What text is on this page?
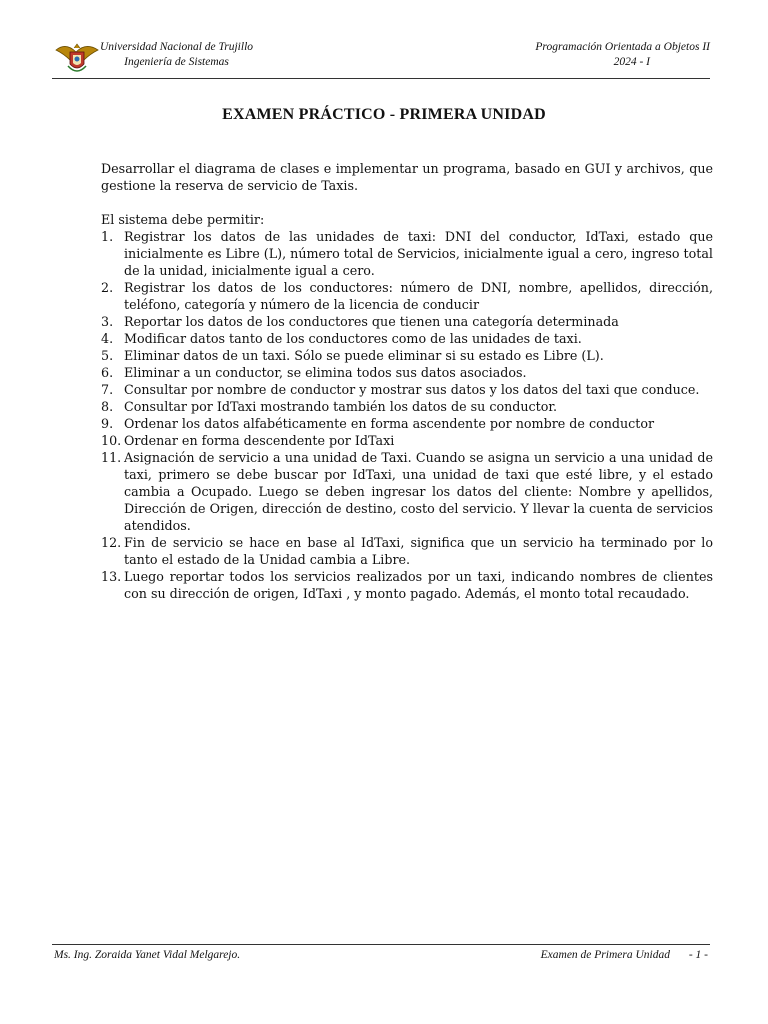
Universidad Nacional de Trujillo
Ingeniería de Sistemas
Programación Orientada a Objetos II
2024 - I
EXAMEN PRÁCTICO - PRIMERA UNIDAD

Desarrollar el diagrama de clases e implementar un programa, basado en GUI y archivos, que gestione la reserva de servicio de Taxis.

El sistema debe permitir:

1. Registrar los datos de las unidades de taxi: DNI del conductor, IdTaxi, estado que inicialmente es Libre (L), número total de Servicios, inicialmente igual a cero, ingreso total de la unidad, inicialmente igual a cero.
2. Registrar los datos de los conductores: número de DNI, nombre, apellidos, dirección, teléfono, categoría y número de la licencia de conducir
3. Reportar los datos de los conductores que tienen una categoría determinada
4. Modificar datos tanto de los conductores como de las unidades de taxi.
5. Eliminar datos de un taxi. Sólo se puede eliminar si su estado es Libre (L).
6. Eliminar a un conductor, se elimina todos sus datos asociados.
7. Consultar por nombre de conductor y mostrar sus datos y los datos del taxi que conduce.
8. Consultar por IdTaxi mostrando también los datos de su conductor.
9. Ordenar los datos alfabéticamente en forma ascendente por nombre de conductor
10. Ordenar en forma descendente por IdTaxi
11. Asignación de servicio a una unidad de Taxi. Cuando se asigna un servicio a una unidad de taxi, primero se debe buscar por IdTaxi, una unidad de taxi que esté libre, y el estado cambia a Ocupado. Luego se deben ingresar los datos del cliente: Nombre y apellidos, Dirección de Origen, dirección de destino, costo del servicio. Y llevar la cuenta de servicios atendidos.
12. Fin de servicio se hace en base al IdTaxi, significa que un servicio ha terminado por lo tanto el estado de la Unidad cambia a Libre.
13. Luego reportar todos los servicios realizados por un taxi, indicando nombres de clientes con su dirección de origen, IdTaxi , y monto pagado. Además, el monto total recaudado.
Ms. Ing. Zoraida Yanet Vidal Melgarejo.	Examen de Primera Unidad - 1 -
